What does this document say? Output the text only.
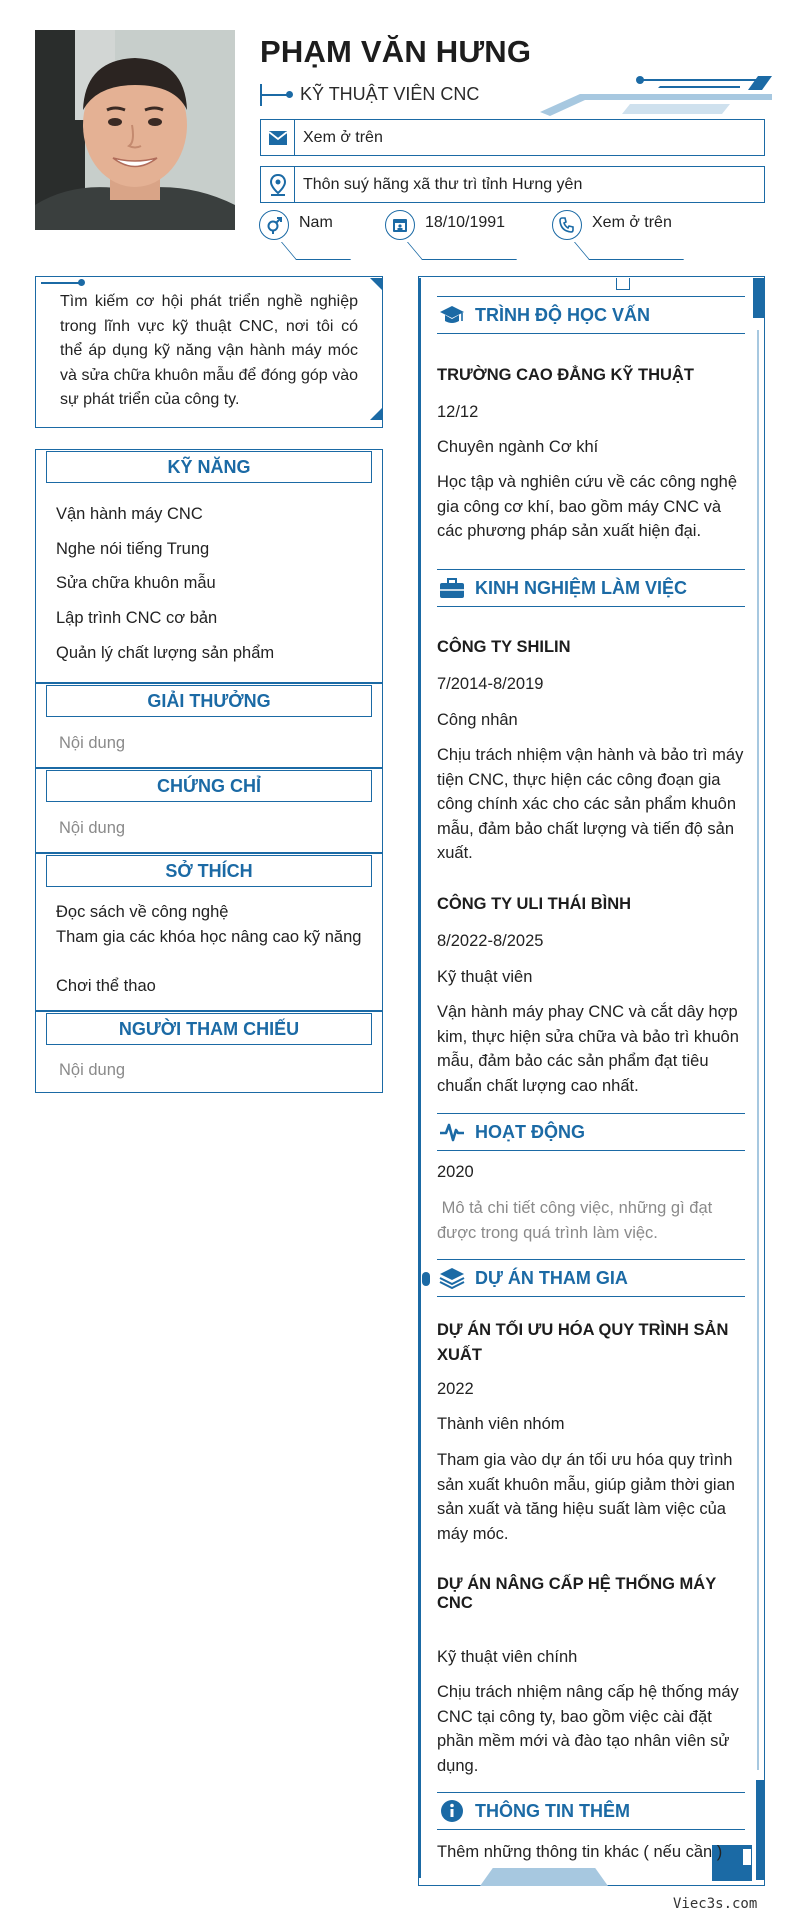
PHẠM VĂN HƯNG
KỸ THUẬT VIÊN CNC
Xem ở trên
Thôn suý hãng xã thư trì tỉnh Hưng yên
Nam	18/10/1991	Xem ở trên
Tìm kiếm cơ hội phát triển nghề nghiệp trong lĩnh vực kỹ thuật CNC, nơi tôi có thể áp dụng kỹ năng vận hành máy móc và sửa chữa khuôn mẫu để đóng góp vào sự phát triển của công ty.
KỸ NĂNG
Vận hành máy CNC
Nghe nói tiếng Trung
Sửa chữa khuôn mẫu
Lập trình CNC cơ bản
Quản lý chất lượng sản phẩm
GIẢI THƯỞNG
Nội dung
CHỨNG CHỈ
Nội dung
SỞ THÍCH
Đọc sách về công nghệ
Tham gia các khóa học nâng cao kỹ năng
Chơi thể thao
NGƯỜI THAM CHIẾU
Nội dung
TRÌNH ĐỘ HỌC VẤN
TRƯỜNG CAO ĐẲNG KỸ THUẬT
12/12
Chuyên ngành Cơ khí
Học tập và nghiên cứu về các công nghệ gia công cơ khí, bao gồm máy CNC và các phương pháp sản xuất hiện đại.
KINH NGHIỆM LÀM VIỆC
CÔNG TY SHILIN
7/2014-8/2019
Công nhân
Chịu trách nhiệm vận hành và bảo trì máy tiện CNC, thực hiện các công đoạn gia công chính xác cho các sản phẩm khuôn mẫu, đảm bảo chất lượng và tiến độ sản xuất.
CÔNG TY ULI THÁI BÌNH
8/2022-8/2025
Kỹ thuật viên
Vận hành máy phay CNC và cắt dây hợp kim, thực hiện sửa chữa và bảo trì khuôn mẫu, đảm bảo các sản phẩm đạt tiêu chuẩn chất lượng cao nhất.
HOẠT ĐỘNG
2020
Mô tả chi tiết công việc, những gì đạt được trong quá trình làm việc.
DỰ ÁN THAM GIA
DỰ ÁN TỐI ƯU HÓA QUY TRÌNH SẢN XUẤT
2022
Thành viên nhóm
Tham gia vào dự án tối ưu hóa quy trình sản xuất khuôn mẫu, giúp giảm thời gian sản xuất và tăng hiệu suất làm việc của máy móc.
DỰ ÁN NÂNG CẤP HỆ THỐNG MÁY CNC
Kỹ thuật viên chính
Chịu trách nhiệm nâng cấp hệ thống máy CNC tại công ty, bao gồm việc cài đặt phần mềm mới và đào tạo nhân viên sử dụng.
THÔNG TIN THÊM
Thêm những thông tin khác ( nếu cần )
Viec3s.com
